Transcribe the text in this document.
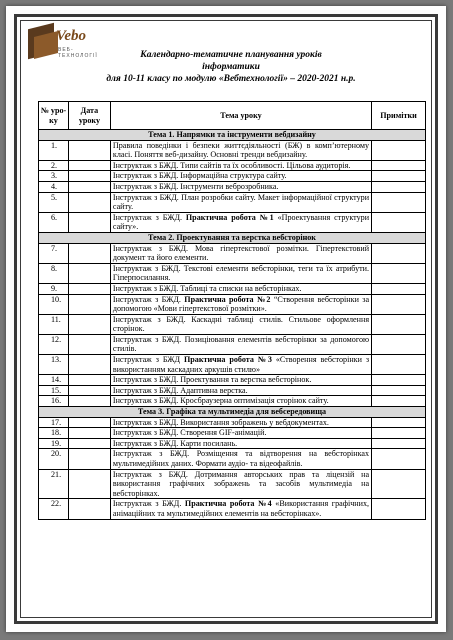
Vebo
ВЕБ-ТЕХНОЛОГІЇ	Календарно-тематичне планування уроків
інформатики
для 10-11 класу по модулю «Вебтехнології» – 2020-2021 н.р.
№ уро-ку	Дата уроку	Тема уроку	Примітки
Тема 1. Напрямки та інструменти вебдизайну			
1.		Правила поведінки і безпеки життєдіяльності (БЖ) в комп’ютерному класі. Поняття веб-дизайну. Основні тренди вебдизайну.	
2.		Інструктаж з БЖД. Типи сайтів та їх особливості. Цільова аудиторія.	
3.		Інструктаж з БЖД. Інформаційна структура сайту.	
4.		Інструктаж з БЖД. Інструменти веброзробника.	
5.		Інструктаж з БЖД. План розробки сайту. Макет інформаційної структури сайту.	
6.		Інструктаж з БЖД. Практична робота №1 «Проектування структури сайту».	
Тема 2. Проектування та верстка вебсторінок			
7.		Інструктаж з БЖД. Мова гіпертекстової розмітки. Гіпертекстовий документ та його елементи.	
8.		Інструктаж з БЖД. Текстові елементи вебсторінки, теги та їх атрибути. Гіперпосилання.	
9.		Інструктаж з БЖД. Таблиці та списки на вебсторінках.	
10.		Інструктаж з БЖД. Практична робота №2 “Створення вебсторінки за допомогою «Мови гіпертекстової розмітки».	
11.		Інструктаж з БЖД. Каскадні таблиці стилів. Стильове оформлення сторінок.	
12.		Інструктаж з БЖД. Позиціювання елементів вебсторінки за допомогою стилів.	
13.		Інструктаж з БЖД Практична робота №3 «Створення вебсторінки з використанням каскадних аркушів стилю»	
14.		Інструктаж з БЖД. Проектування та верстка вебсторінок.	
15.		Інструктаж з БЖД. Адаптивна верстка.	
16.		Інструктаж з БЖД. Кросбраузерна оптимізація сторінок сайту.	
Тема 3. Графіка та мультимедіа для вебсередовища			
17.		Інструктаж з БЖД. Використання зображень у вебдокументах.	
18.		Інструктаж з БЖД. Створення GIF-анімацій.	
19.		Інструктаж з БЖД. Карти посилань.	
20.		Інструктаж з БЖД. Розміщення та відтворення на вебсторінках мультимедійних даних. Формати аудіо- та відеофайлів.	
21.		Інструктаж з БЖД. Дотримання авторських прав та ліцензій на використання графічних зображень та засобів мультимедіа на вебсторінках.	
22.		Інструктаж з БЖД. Практична робота №4 «Використання графічних, анімаційних та мультимедійних елементів на вебсторінках».	
